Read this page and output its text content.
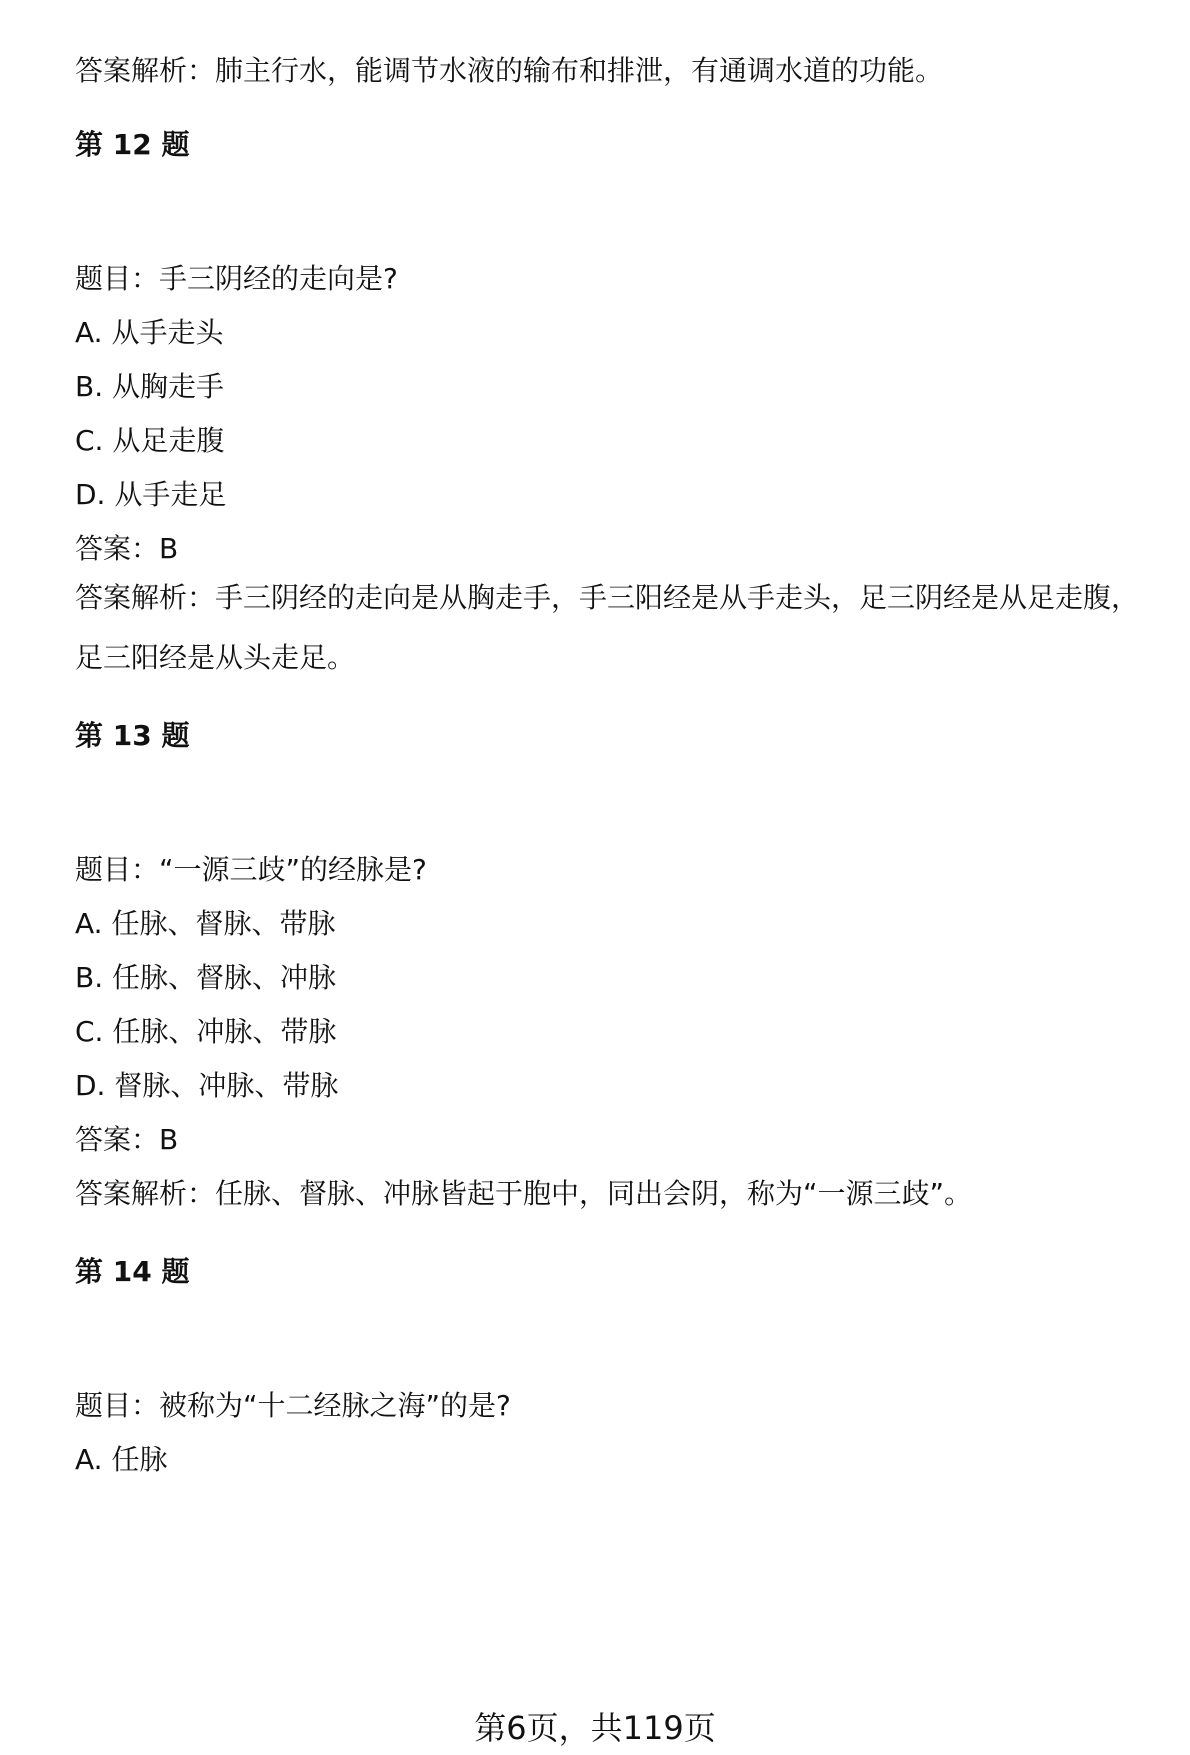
答案解析：肺主行水，能调节水液的输布和排泄，有通调水道的功能。
第 12 题
题目：手三阴经的走向是?
A. 从手走头
B. 从胸走手
C. 从足走腹
D. 从手走足
答案：B
答案解析：手三阴经的走向是从胸走手，手三阳经是从手走头，足三阴经是从足走腹，足三阳经是从头走足。
第 13 题
题目：“一源三歧”的经脉是?
A. 任脉、督脉、带脉
B. 任脉、督脉、冲脉
C. 任脉、冲脉、带脉
D. 督脉、冲脉、带脉
答案：B
答案解析：任脉、督脉、冲脉皆起于胞中，同出会阴，称为“一源三歧”。
第 14 题
题目：被称为“十二经脉之海”的是?
A. 任脉
第6页，共119页
